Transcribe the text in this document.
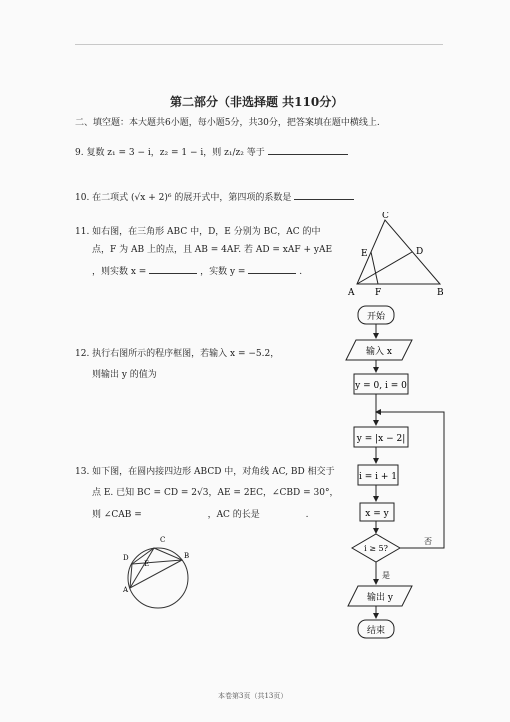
第二部分（非选择题 共110分）
二、填空题：本大题共6小题，每小题5分，共30分，把答案填在题中横线上.
9. 复数 z₁ = 3 − i，z₂ = 1 − i，则 z₁/z₂ 等于
10. 在二项式 (√x + 2)⁶ 的展开式中，第四项的系数是
11. 如右图，在三角形 ABC 中，D，E 分别为 BC，AC 的中
点，F 为 AB 上的点，且 AB = 4AF. 若 AD = xAF + yAE
，则实数 x =	，实数 y =	.
12. 执行右图所示的程序框图，若输入 x = −5.2，
则输出 y 的值为
13. 如下图，在圆内接四边形 ABCD 中，对角线 AC, BD 相交于
点 E. 已知 BC = CD = 2√3，AE = 2EC，∠CBD = 30°，
则 ∠CAB =	，AC 的长是	.
C
E	D
A F	B
C
D	B
A
E
开始
输入 x
y = 0, i = 0
y = |x − 2|
i = i + 1
x = y
i ≥ 5?
否
是
输出 y
结束
本卷第3页（共13页）
